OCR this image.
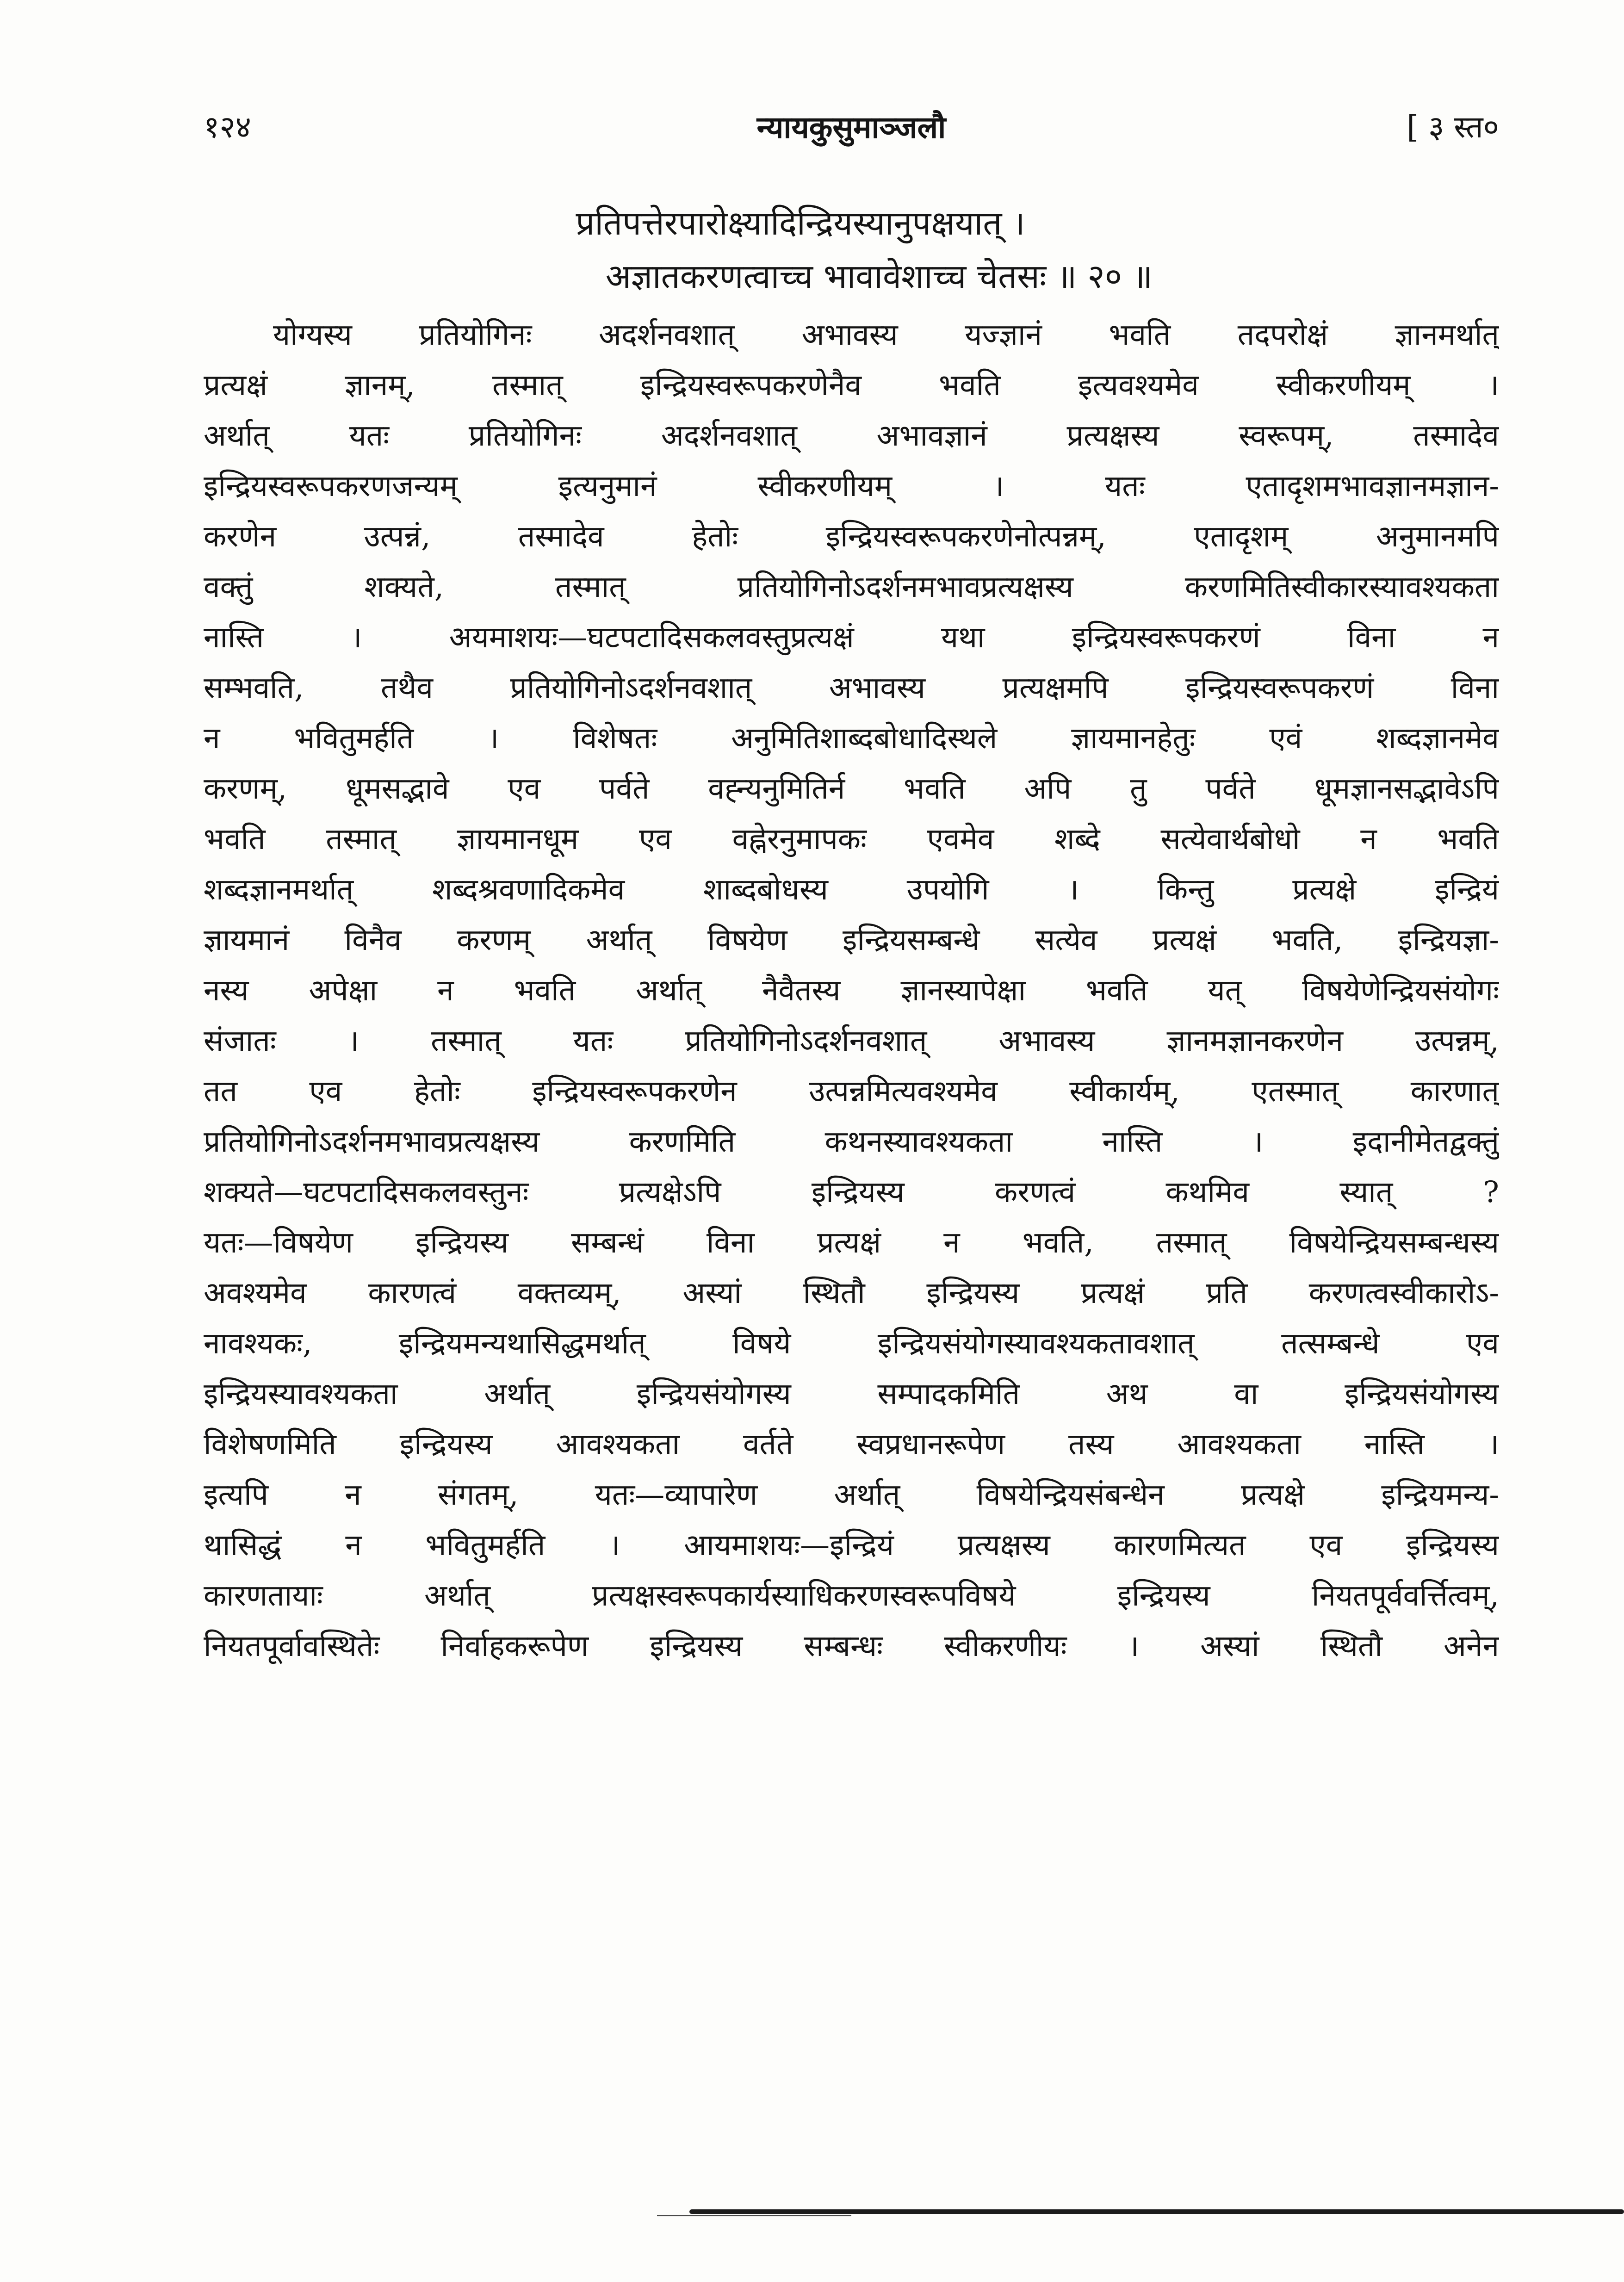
१२४	न्यायकुसुमाञ्जलौ	[ ३ स्त०
प्रतिपत्तेरपारोक्ष्यादिन्द्रियस्यानुपक्षयात् ।
अज्ञातकरणत्वाच्च भावावेशाच्च चेतसः ॥ २० ॥
योग्यस्य प्रतियोगिनः अदर्शनवशात् अभावस्य यज्ज्ञानं भवति तदपरोक्षं ज्ञानमर्थात्
प्रत्यक्षं ज्ञानम्, तस्मात् इन्द्रियस्वरूपकरणेनैव भवति इत्यवश्यमेव स्वीकरणीयम् ।
अर्थात् यतः प्रतियोगिनः अदर्शनवशात् अभावज्ञानं प्रत्यक्षस्य स्वरूपम्, तस्मादेव
इन्द्रियस्वरूपकरणजन्यम् इत्यनुमानं स्वीकरणीयम् । यतः एतादृशमभावज्ञानमज्ञान-
करणेन उत्पन्नं, तस्मादेव हेतोः इन्द्रियस्वरूपकरणेनोत्पन्नम्, एतादृशम् अनुमानमपि
वक्तुं शक्यते, तस्मात् प्रतियोगिनोऽदर्शनमभावप्रत्यक्षस्य करणमितिस्वीकारस्यावश्यकता
नास्ति । अयमाशयः—घटपटादिसकलवस्तुप्रत्यक्षं यथा इन्द्रियस्वरूपकरणं विना न
सम्भवति, तथैव प्रतियोगिनोऽदर्शनवशात् अभावस्य प्रत्यक्षमपि इन्द्रियस्वरूपकरणं विना
न भवितुमर्हति । विशेषतः अनुमितिशाब्दबोधादिस्थले ज्ञायमानहेतुः एवं शब्दज्ञानमेव
करणम्, धूमसद्भावे एव पर्वते वह्न्यनुमितिर्न भवति अपि तु पर्वते धूमज्ञानसद्भावेऽपि
भवति तस्मात् ज्ञायमानधूम एव वह्नेरनुमापकः एवमेव शब्दे सत्येवार्थबोधो न भवति
शब्दज्ञानमर्थात् शब्दश्रवणादिकमेव शाब्दबोधस्य उपयोगि । किन्तु प्रत्यक्षे इन्द्रियं
ज्ञायमानं विनैव करणम् अर्थात् विषयेण इन्द्रियसम्बन्धे सत्येव प्रत्यक्षं भवति, इन्द्रियज्ञा-
नस्य अपेक्षा न भवति अर्थात् नैवैतस्य ज्ञानस्यापेक्षा भवति यत् विषयेणेन्द्रियसंयोगः
संजातः । तस्मात् यतः प्रतियोगिनोऽदर्शनवशात् अभावस्य ज्ञानमज्ञानकरणेन उत्पन्नम्,
तत एव हेतोः इन्द्रियस्वरूपकरणेन उत्पन्नमित्यवश्यमेव स्वीकार्यम्, एतस्मात् कारणात्
प्रतियोगिनोऽदर्शनमभावप्रत्यक्षस्य करणमिति कथनस्यावश्यकता नास्ति । इदानीमेतद्वक्तुं
शक्यते—घटपटादिसकलवस्तुनः प्रत्यक्षेऽपि इन्द्रियस्य करणत्वं कथमिव स्यात् ?
यतः—विषयेण इन्द्रियस्य सम्बन्धं विना प्रत्यक्षं न भवति, तस्मात् विषयेन्द्रियसम्बन्धस्य
अवश्यमेव कारणत्वं वक्तव्यम्, अस्यां स्थितौ इन्द्रियस्य प्रत्यक्षं प्रति करणत्वस्वीकारोऽ-
नावश्यकः, इन्द्रियमन्यथासिद्धमर्थात् विषये इन्द्रियसंयोगस्यावश्यकतावशात् तत्सम्बन्धे एव
इन्द्रियस्यावश्यकता अर्थात् इन्द्रियसंयोगस्य सम्पादकमिति अथ वा इन्द्रियसंयोगस्य
विशेषणमिति इन्द्रियस्य आवश्यकता वर्तते स्वप्रधानरूपेण तस्य आवश्यकता नास्ति ।
इत्यपि न संगतम्, यतः—व्यापारेण अर्थात् विषयेन्द्रियसंबन्धेन प्रत्यक्षे इन्द्रियमन्य-
थासिद्धं न भवितुमर्हति । आयमाशयः—इन्द्रियं प्रत्यक्षस्य कारणमित्यत एव इन्द्रियस्य
कारणतायाः अर्थात् प्रत्यक्षस्वरूपकार्यस्याधिकरणस्वरूपविषये इन्द्रियस्य नियतपूर्ववर्त्तित्वम्,
नियतपूर्वावस्थितेः निर्वाहकरूपेण इन्द्रियस्य सम्बन्धः स्वीकरणीयः । अस्यां स्थितौ अनेन
